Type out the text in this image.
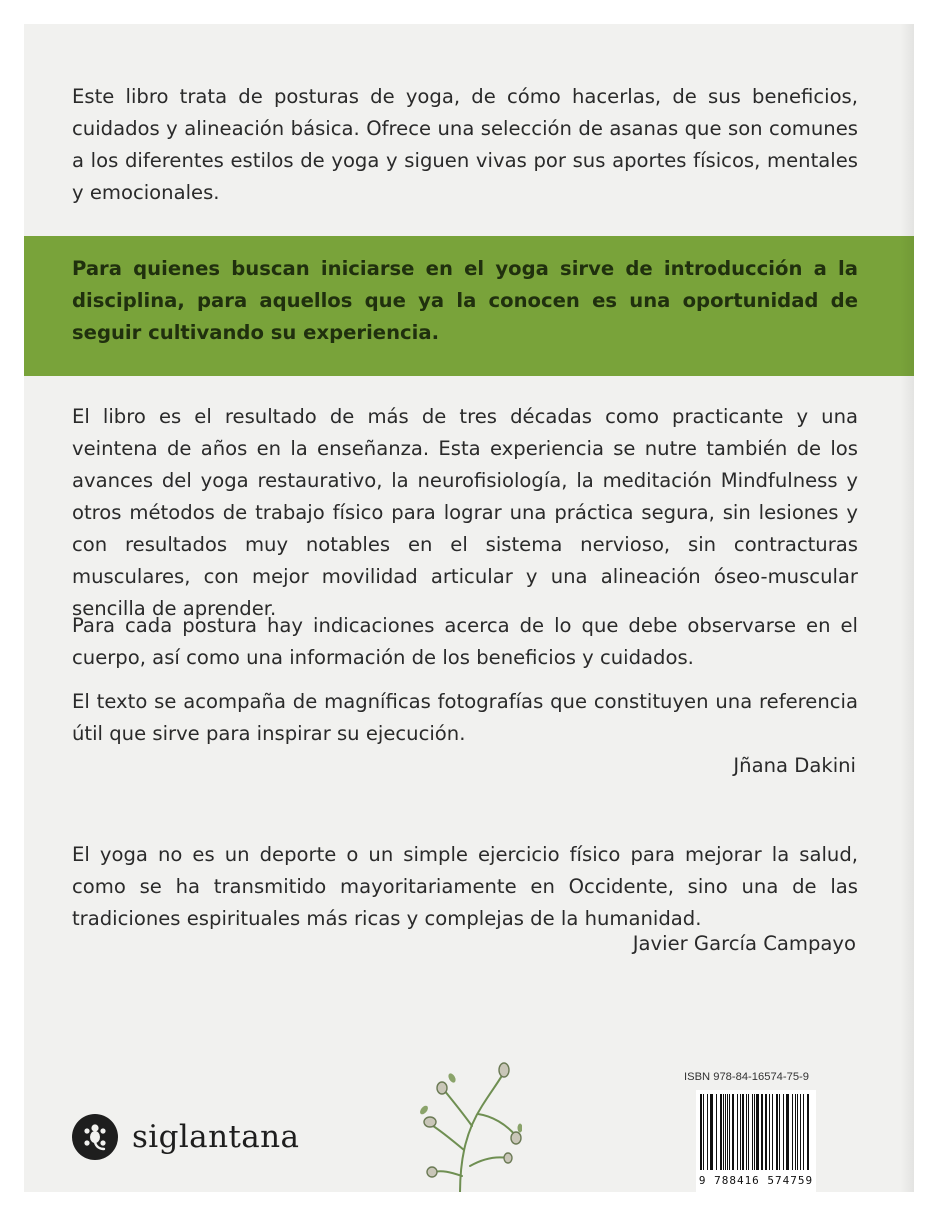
Este libro trata de posturas de yoga, de cómo hacerlas, de sus beneficios, cuidados y alineación básica. Ofrece una selección de asanas que son comunes a los diferentes estilos de yoga y siguen vivas por sus aportes físicos, mentales y emocionales.

Para quienes buscan iniciarse en el yoga sirve de introducción a la disciplina, para aquellos que ya la conocen es una oportunidad de seguir cultivando su experiencia.

El libro es el resultado de más de tres décadas como practicante y una veintena de años en la enseñanza. Esta experiencia se nutre también de los avances del yoga restaurativo, la neurofisiología, la meditación Mindfulness y otros métodos de trabajo físico para lograr una práctica segura, sin lesiones y con resultados muy notables en el sistema nervioso, sin contracturas musculares, con mejor movilidad articular y una alineación óseo-muscular sencilla de aprender.

Para cada postura hay indicaciones acerca de lo que debe observarse en el cuerpo, así como una información de los beneficios y cuidados.

El texto se acompaña de magníficas fotografías que constituyen una referencia útil que sirve para inspirar su ejecución.

Jñana Dakini

El yoga no es un deporte o un simple ejercicio físico para mejorar la salud, como se ha transmitido mayoritariamente en Occidente, sino una de las tradiciones espirituales más ricas y complejas de la humanidad.

Javier García Campayo

siglantana
ISBN 978-84-16574-75-9
9 788416 574759
